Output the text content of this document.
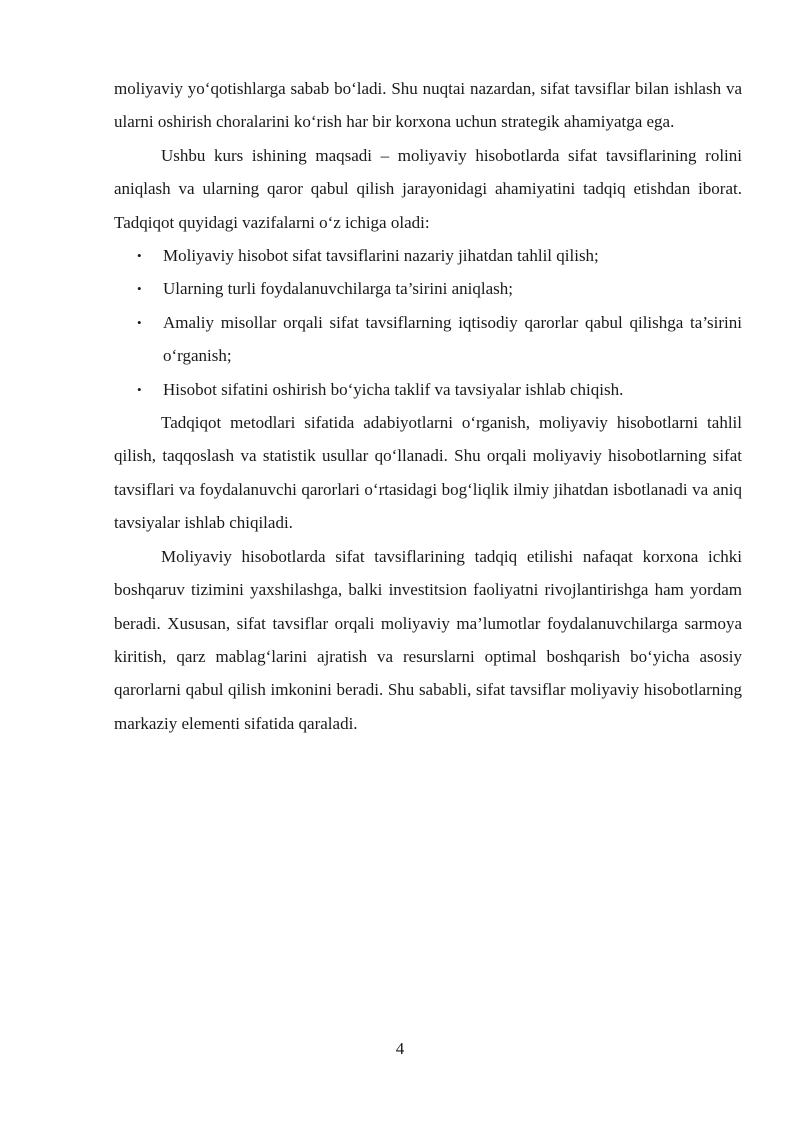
moliyaviy yo‘qotishlarga sabab bo‘ladi. Shu nuqtai nazardan, sifat tavsiflar bilan ishlash va ularni oshirish choralarini ko‘rish har bir korxona uchun strategik ahamiyatga ega.

Ushbu kurs ishining maqsadi – moliyaviy hisobotlarda sifat tavsiflarining rolini aniqlash va ularning qaror qabul qilish jarayonidagi ahamiyatini tadqiq etishdan iborat. Tadqiqot quyidagi vazifalarni o‘z ichiga oladi:

• Moliyaviy hisobot sifat tavsiflarini nazariy jihatdan tahlil qilish;
• Ularning turli foydalanuvchilarga ta’sirini aniqlash;
• Amaliy misollar orqali sifat tavsiflarning iqtisodiy qarorlar qabul qilishga ta’sirini o‘rganish;
• Hisobot sifatini oshirish bo‘yicha taklif va tavsiyalar ishlab chiqish.

Tadqiqot metodlari sifatida adabiyotlarni o‘rganish, moliyaviy hisobotlarni tahlil qilish, taqqoslash va statistik usullar qo‘llanadi. Shu orqali moliyaviy hisobotlarning sifat tavsiflari va foydalanuvchi qarorlari o‘rtasidagi bog‘liqlik ilmiy jihatdan isbotlanadi va aniq tavsiyalar ishlab chiqiladi.

Moliyaviy hisobotlarda sifat tavsiflarining tadqiq etilishi nafaqat korxona ichki boshqaruv tizimini yaxshilashga, balki investitsion faoliyatni rivojlantirishga ham yordam beradi. Xususan, sifat tavsiflar orqali moliyaviy ma’lumotlar foydalanuvchilarga sarmoya kiritish, qarz mablag‘larini ajratish va resurslarni optimal boshqarish bo‘yicha asosiy qarorlarni qabul qilish imkonini beradi. Shu sababli, sifat tavsiflar moliyaviy hisobotlarning markaziy elementi sifatida qaraladi.

4
